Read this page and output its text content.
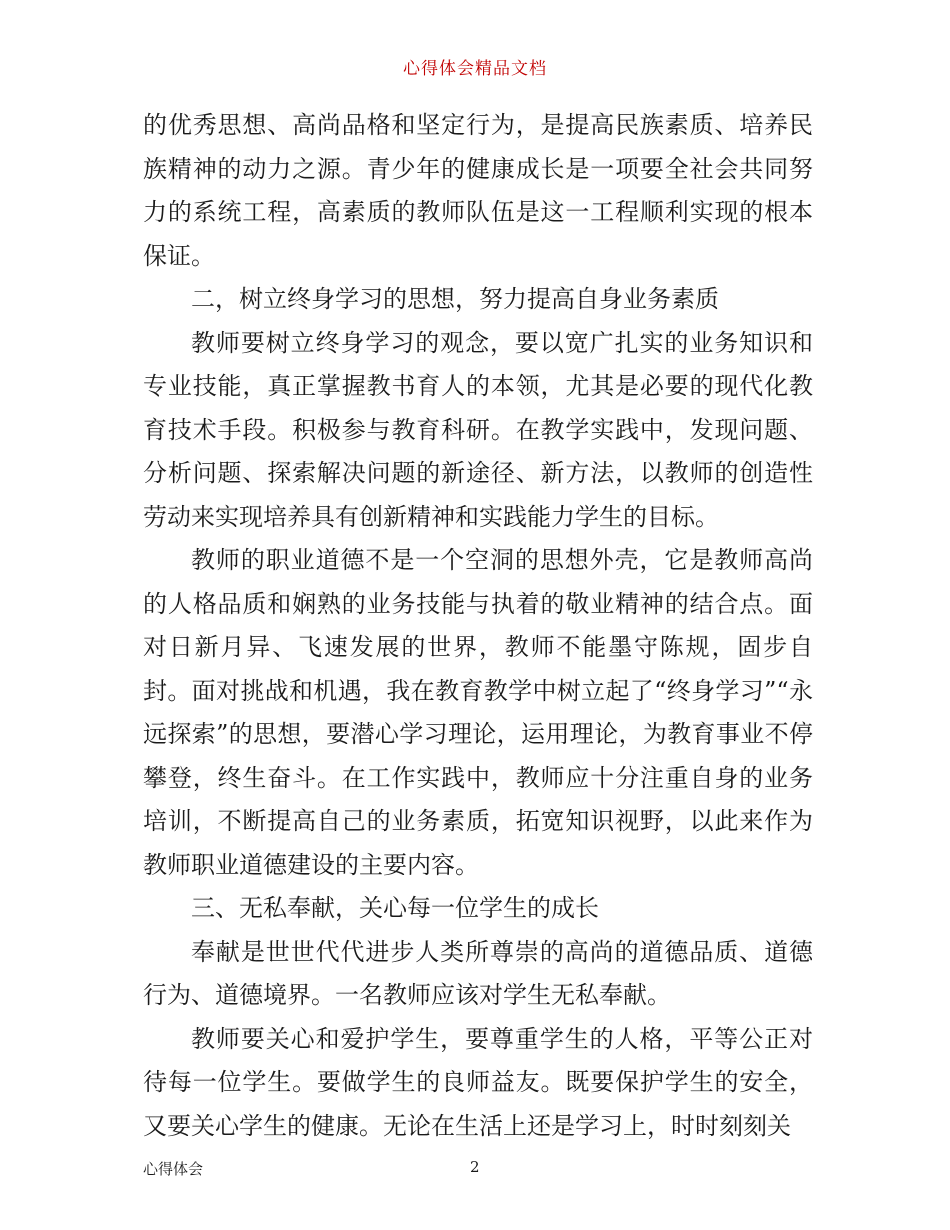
心得体会精品文档

的优秀思想、高尚品格和坚定行为，是提高民族素质、培养民族精神的动力之源。青少年的健康成长是一项要全社会共同努力的系统工程，高素质的教师队伍是这一工程顺利实现的根本保证。

二，树立终身学习的思想，努力提高自身业务素质

教师要树立终身学习的观念，要以宽广扎实的业务知识和专业技能，真正掌握教书育人的本领，尤其是必要的现代化教育技术手段。积极参与教育科研。在教学实践中，发现问题、分析问题、探索解决问题的新途径、新方法，以教师的创造性劳动来实现培养具有创新精神和实践能力学生的目标。

教师的职业道德不是一个空洞的思想外壳，它是教师高尚的人格品质和娴熟的业务技能与执着的敬业精神的结合点。面对日新月异、飞速发展的世界，教师不能墨守陈规，固步自封。面对挑战和机遇，我在教育教学中树立起了“终身学习”“永远探索”的思想，要潜心学习理论，运用理论，为教育事业不停攀登，终生奋斗。在工作实践中，教师应十分注重自身的业务培训，不断提高自己的业务素质，拓宽知识视野，以此来作为教师职业道德建设的主要内容。

三、无私奉献，关心每一位学生的成长

奉献是世世代代进步人类所尊崇的高尚的道德品质、道德行为、道德境界。一名教师应该对学生无私奉献。

教师要关心和爱护学生，要尊重学生的人格，平等公正对待每一位学生。要做学生的良师益友。既要保护学生的安全，又要关心学生的健康。无论在生活上还是学习上，时时刻刻关

心得体会	2
